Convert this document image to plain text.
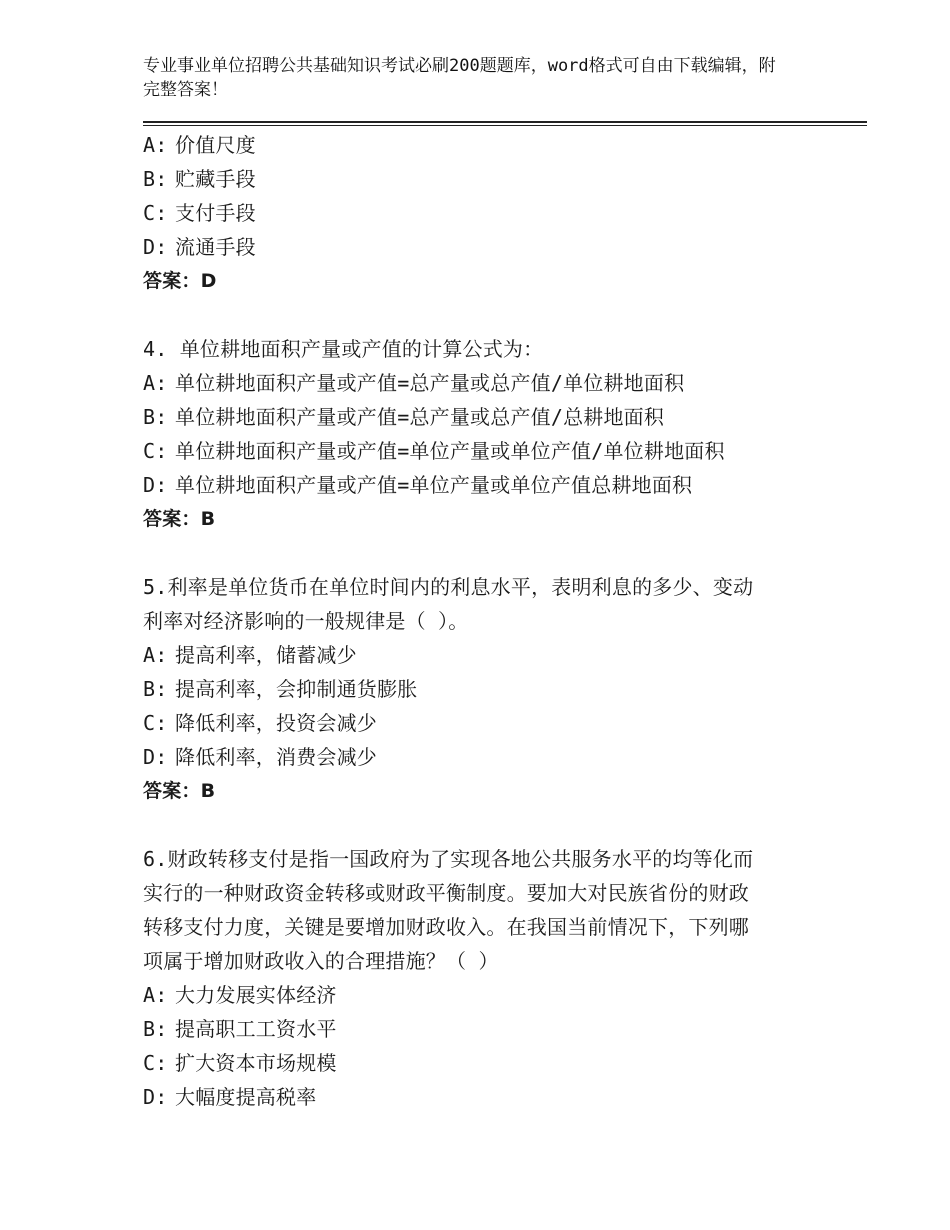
专业事业单位招聘公共基础知识考试必刷200题题库，word格式可自由下载编辑，附完整答案！
A: 价值尺度
B: 贮藏手段
C: 支付手段
D: 流通手段
答案：D
4. 单位耕地面积产量或产值的计算公式为：
A: 单位耕地面积产量或产值=总产量或总产值/单位耕地面积
B: 单位耕地面积产量或产值=总产量或总产值/总耕地面积
C: 单位耕地面积产量或产值=单位产量或单位产值/单位耕地面积
D: 单位耕地面积产量或产值=单位产量或单位产值总耕地面积
答案：B
5.利率是单位货币在单位时间内的利息水平，表明利息的多少、变动
利率对经济影响的一般规律是（ ）。
A: 提高利率，储蓄减少
B: 提高利率，会抑制通货膨胀
C: 降低利率，投资会减少
D: 降低利率，消费会减少
答案：B
6.财政转移支付是指一国政府为了实现各地公共服务水平的均等化而
实行的一种财政资金转移或财政平衡制度。要加大对民族省份的财政
转移支付力度，关键是要增加财政收入。在我国当前情况下，下列哪
项属于增加财政收入的合理措施？（ ）
A: 大力发展实体经济
B: 提高职工工资水平
C: 扩大资本市场规模
D: 大幅度提高税率
